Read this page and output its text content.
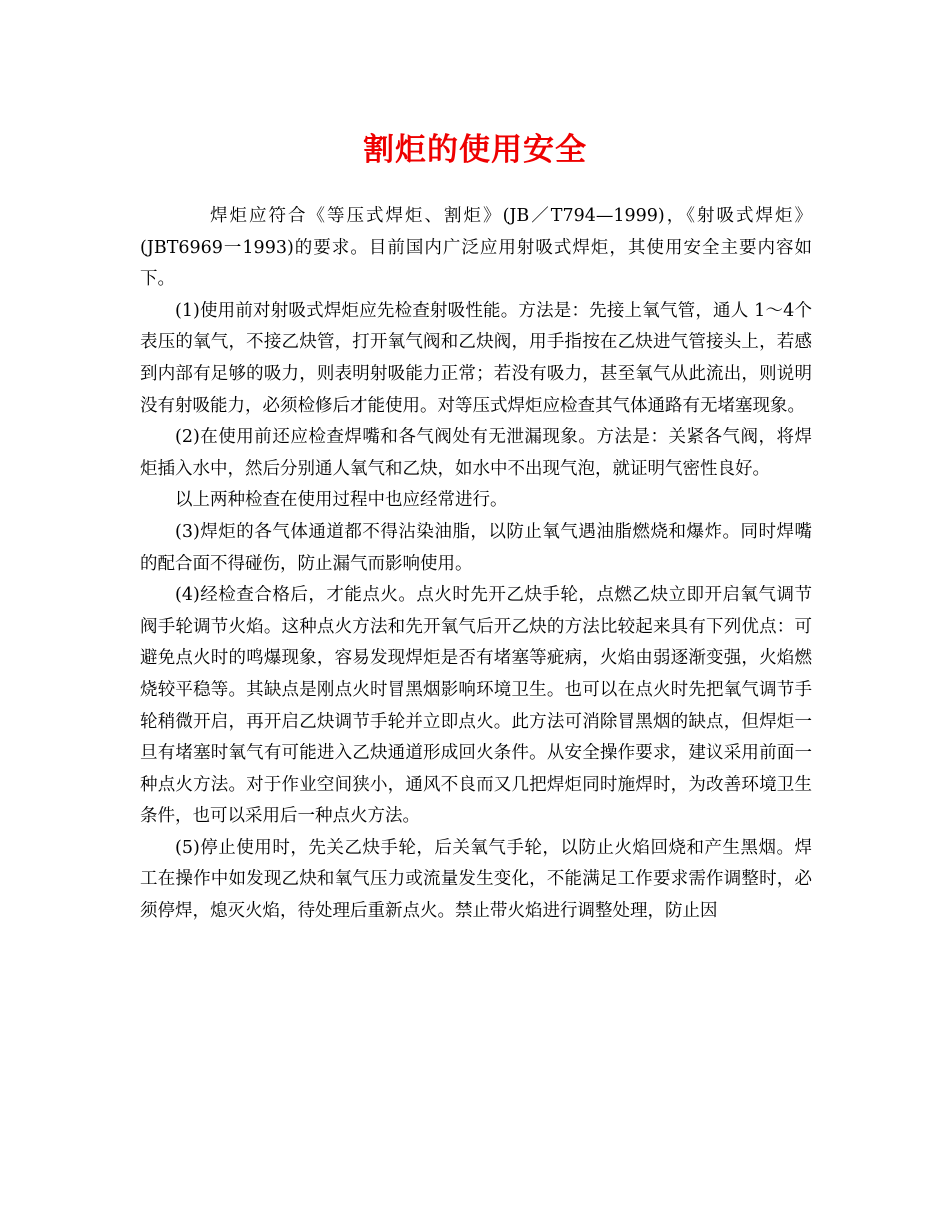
割炬的使用安全

焊炬应符合《等压式焊炬、割炬》(JB／T794—1999)，《射吸式焊炬》(JBT6969一1993)的要求。目前国内广泛应用射吸式焊炬，其使用安全主要内容如下。

(1)使用前对射吸式焊炬应先检查射吸性能。方法是：先接上氧气管，通人 1～4个表压的氧气，不接乙炔管，打开氧气阀和乙炔阀，用手指按在乙炔进气管接头上，若感到内部有足够的吸力，则表明射吸能力正常；若没有吸力，甚至氧气从此流出，则说明没有射吸能力，必须检修后才能使用。对等压式焊炬应检查其气体通路有无堵塞现象。

(2)在使用前还应检查焊嘴和各气阀处有无泄漏现象。方法是：关紧各气阀，将焊炬插入水中，然后分别通人氧气和乙炔，如水中不出现气泡，就证明气密性良好。

以上两种检查在使用过程中也应经常进行。

(3)焊炬的各气体通道都不得沾染油脂，以防止氧气遇油脂燃烧和爆炸。同时焊嘴的配合面不得碰伤，防止漏气而影响使用。

(4)经检查合格后，才能点火。点火时先开乙炔手轮，点燃乙炔立即开启氧气调节阀手轮调节火焰。这种点火方法和先开氧气后开乙炔的方法比较起来具有下列优点：可避免点火时的鸣爆现象，容易发现焊炬是否有堵塞等疵病，火焰由弱逐渐变强，火焰燃烧较平稳等。其缺点是刚点火时冒黑烟影响环境卫生。也可以在点火时先把氧气调节手轮稍微开启，再开启乙炔调节手轮并立即点火。此方法可消除冒黑烟的缺点，但焊炬一旦有堵塞时氧气有可能进入乙炔通道形成回火条件。从安全操作要求，建议采用前面一种点火方法。对于作业空间狭小，通风不良而又几把焊炬同时施焊时，为改善环境卫生条件，也可以采用后一种点火方法。

(5)停止使用时，先关乙炔手轮，后关氧气手轮，以防止火焰回烧和产生黑烟。焊工在操作中如发现乙炔和氧气压力或流量发生变化，不能满足工作要求需作调整时，必须停焊，熄灭火焰，待处理后重新点火。禁止带火焰进行调整处理，防止因
